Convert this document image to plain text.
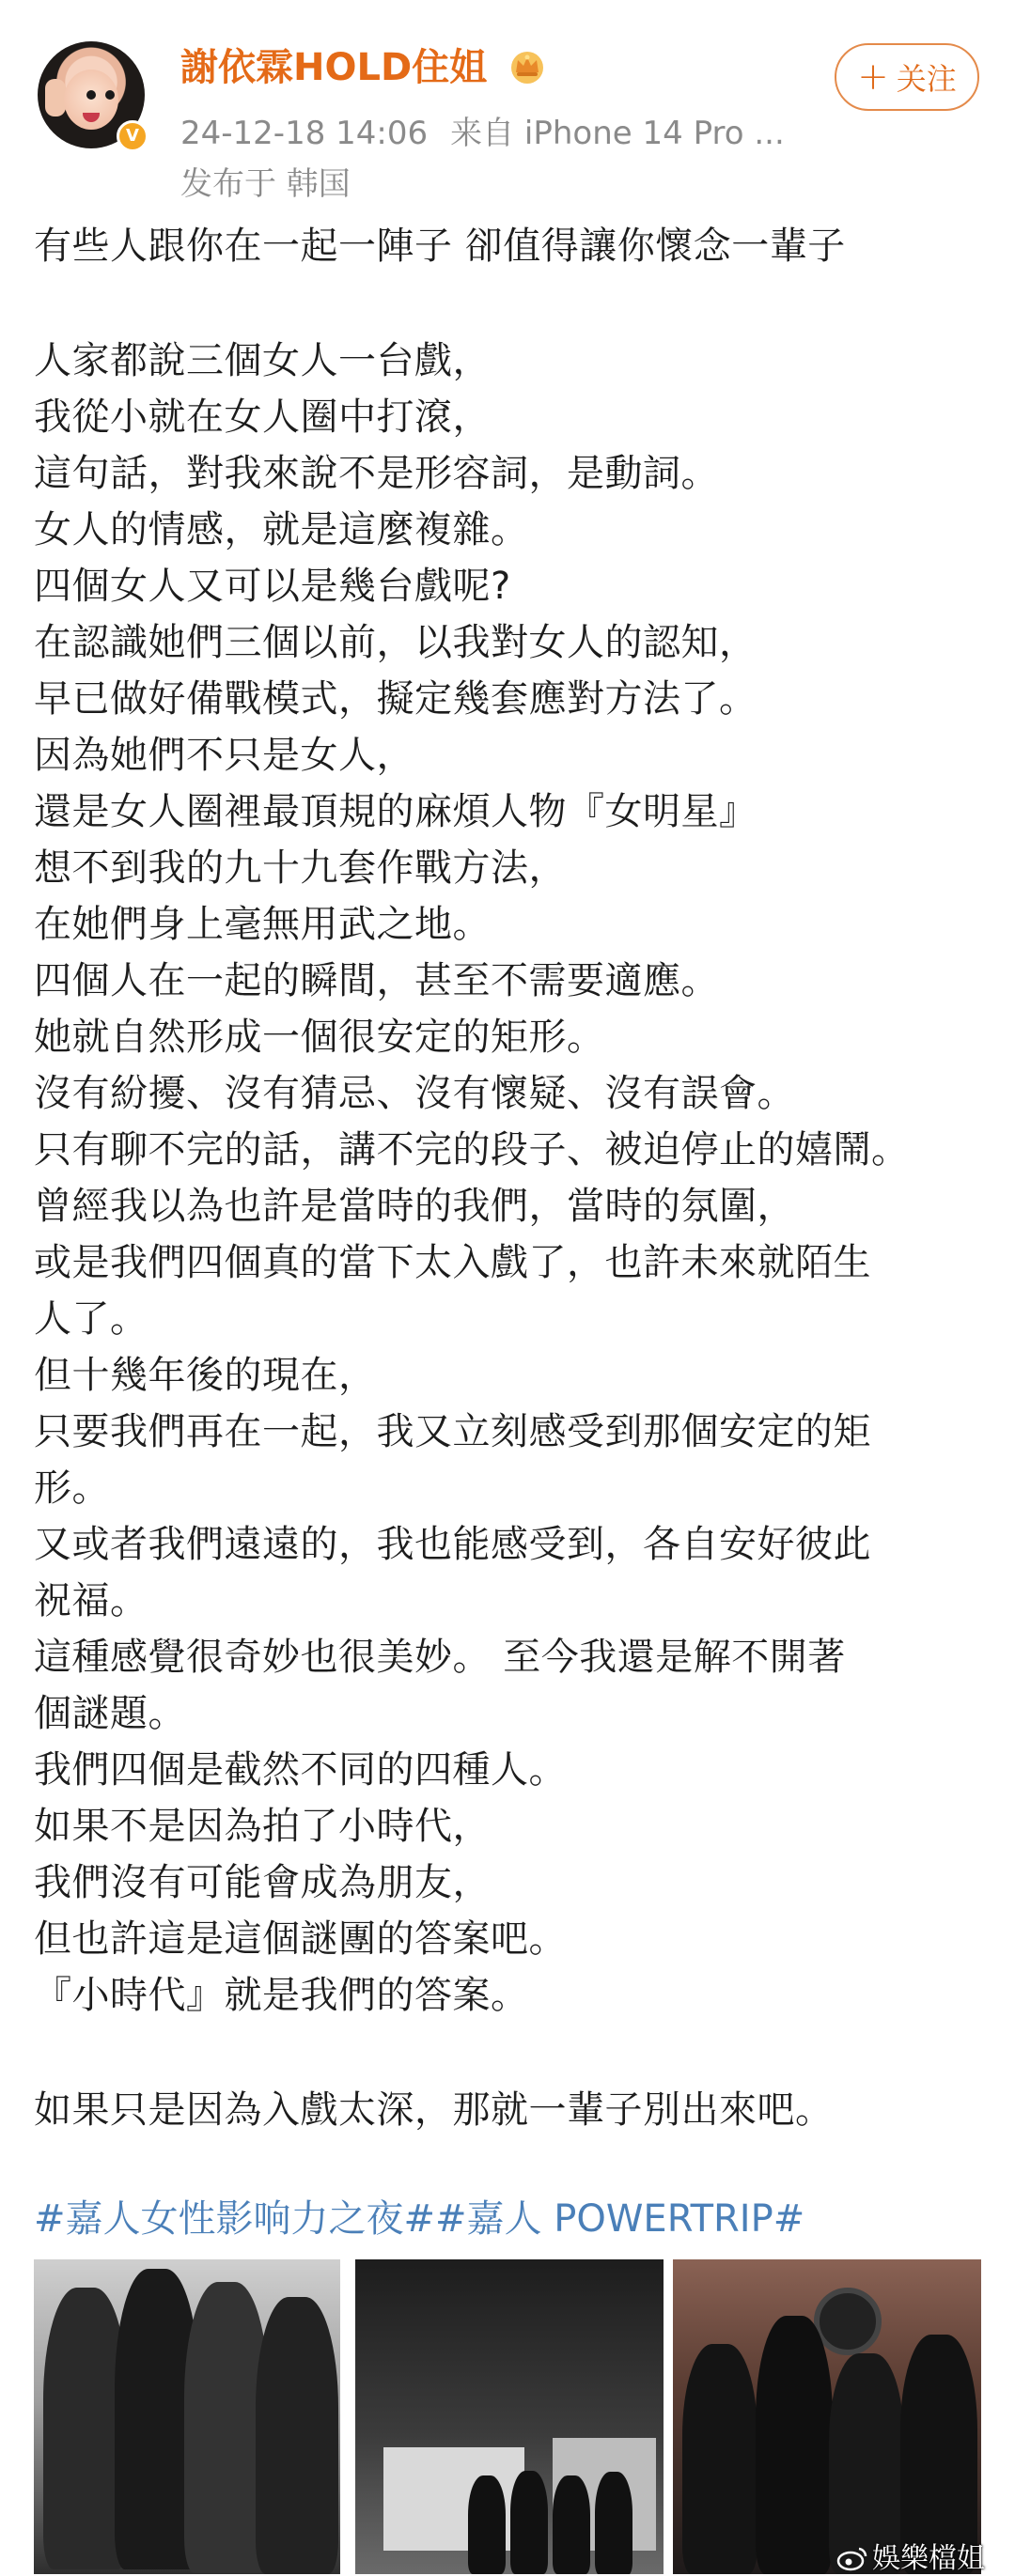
V
謝依霖HOLD住姐
24-12-18 14:06 来自 iPhone 14 Pro ...
发布于 韩国
+ 关注
有些人跟你在一起一陣子 卻值得讓你懷念一輩子
人家都說三個女人一台戲，
我從小就在女人圈中打滾，
這句話，對我來說不是形容詞，是動詞。
女人的情感，就是這麼複雜。
四個女人又可以是幾台戲呢?
在認識她們三個以前，以我對女人的認知，
早已做好備戰模式，擬定幾套應對方法了。
因為她們不只是女人，
還是女人圈裡最頂規的麻煩人物『女明星』
想不到我的九十九套作戰方法，
在她們身上毫無用武之地。
四個人在一起的瞬間，甚至不需要適應。
她就自然形成一個很安定的矩形。
沒有紛擾、沒有猜忌、沒有懷疑、沒有誤會。
只有聊不完的話，講不完的段子、被迫停止的嬉鬧。
曾經我以為也許是當時的我們，當時的氛圍，
或是我們四個真的當下太入戲了，也許未來就陌生
人了。
但十幾年後的現在，
只要我們再在一起，我又立刻感受到那個安定的矩
形。
又或者我們遠遠的，我也能感受到，各自安好彼此
祝福。
這種感覺很奇妙也很美妙。 至今我還是解不開著
個謎題。
我們四個是截然不同的四種人。
如果不是因為拍了小時代，
我們沒有可能會成為朋友，
但也許這是這個謎團的答案吧。
『小時代』就是我們的答案。
如果只是因為入戲太深，那就一輩子別出來吧。
#嘉人女性影响力之夜##嘉人 POWERTRIP#
娛樂檔姐
